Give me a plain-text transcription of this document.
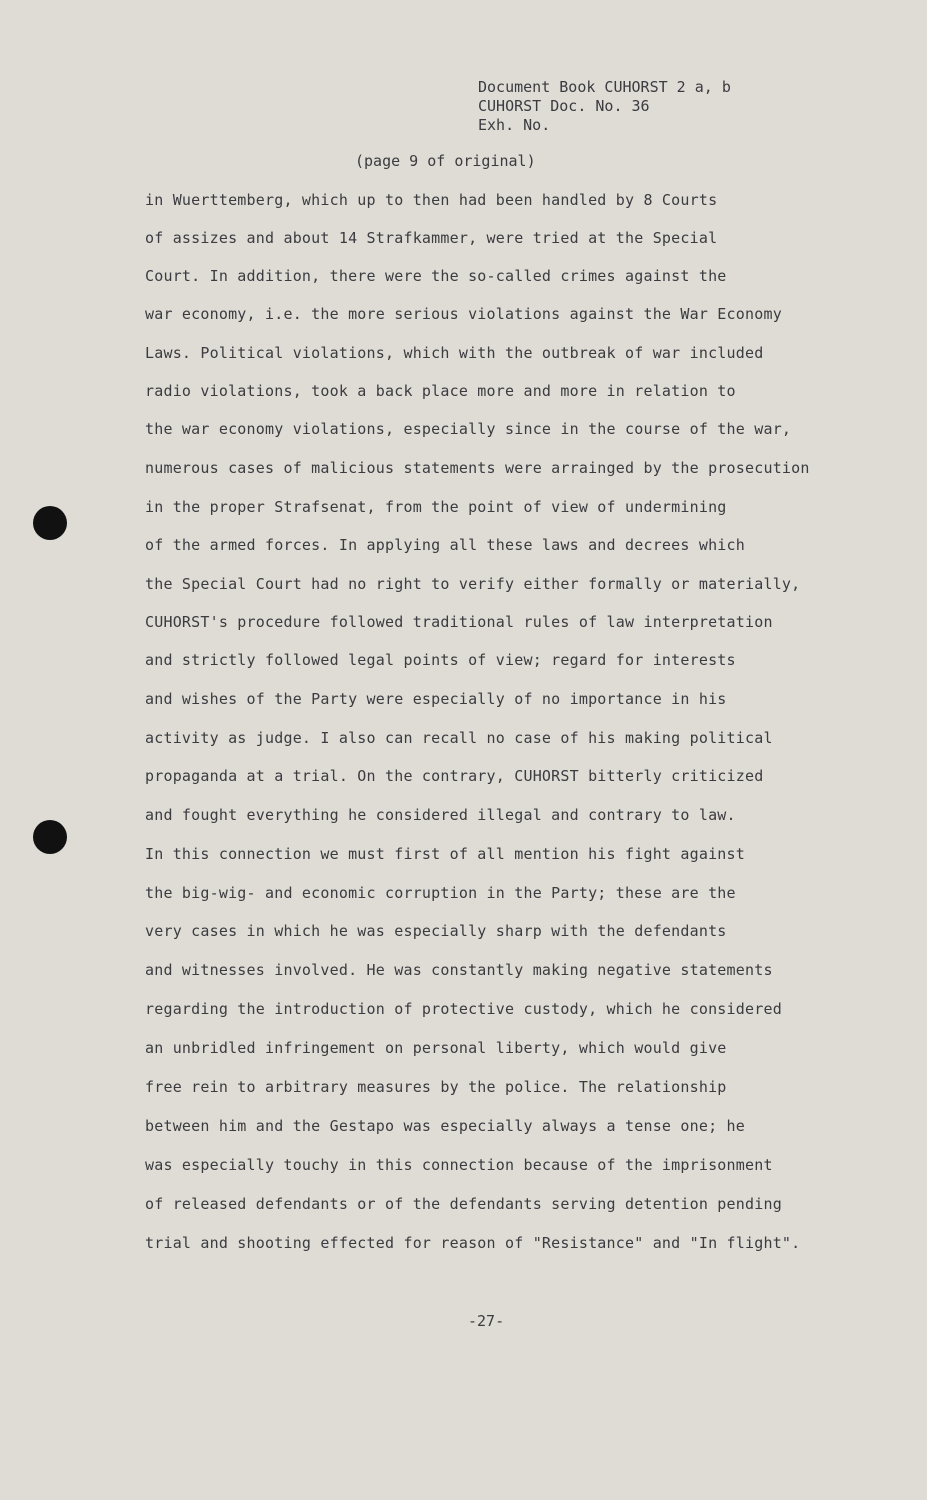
Document Book CUHORST 2 a, b
CUHORST Doc. No. 36
Exh. No.
(page 9 of original)
in Wuerttemberg, which up to then had been handled by 8 Courts
of assizes and about 14 Strafkammer, were tried at the Special
Court. In addition, there were the so-called crimes against the
war economy, i.e. the more serious violations against the War Economy
Laws. Political violations, which with the outbreak of war included
radio violations, took a back place more and more in relation to
the war economy violations, especially since in the course of the war,
numerous cases of malicious statements were arrainged by the prosecution
in the proper Strafsenat, from the point of view of undermining
of the armed forces. In applying all these laws and decrees which
the Special Court had no right to verify either formally or materially,
CUHORST's procedure followed traditional rules of law interpretation
and strictly followed legal points of view; regard for interests
and wishes of the Party were especially of no importance in his
activity as judge. I also can recall no case of his making political
propaganda at a trial. On the contrary, CUHORST bitterly criticized
and fought everything he considered illegal and contrary to law.
In this connection we must first of all mention his fight against
the big-wig- and economic corruption in the Party; these are the
very cases in which he was especially sharp with the defendants
and witnesses involved. He was constantly making negative statements
regarding the introduction of protective custody, which he considered
an unbridled infringement on personal liberty, which would give
free rein to arbitrary measures by the police. The relationship
between him and the Gestapo was especially always a tense one; he
was especially touchy in this connection because of the imprisonment
of released defendants or of the defendants serving detention pending
trial and shooting effected for reason of "Resistance" and "In flight".
-27-
